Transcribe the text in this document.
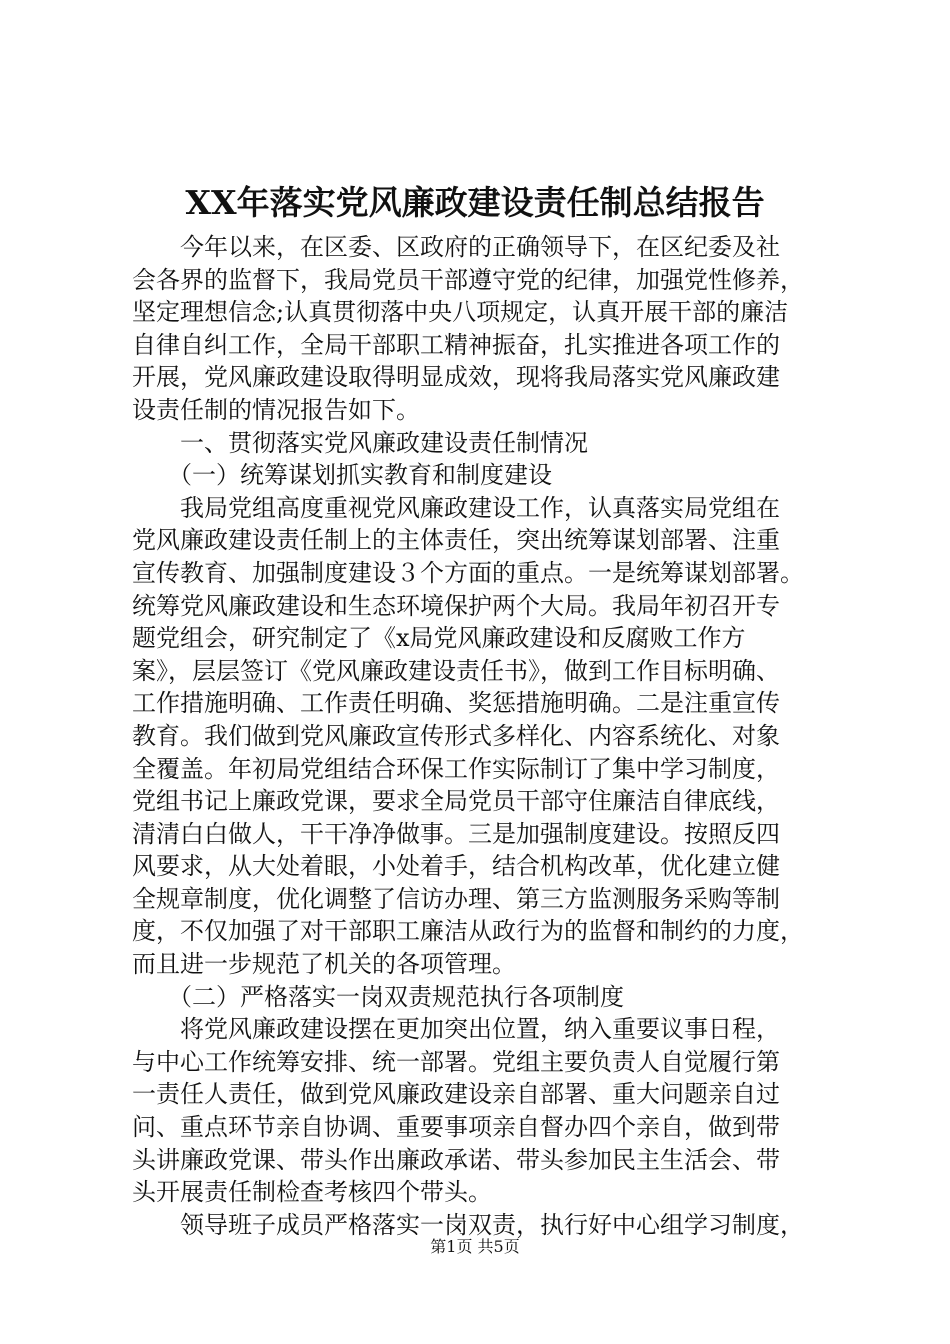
XX年落实党风廉政建设责任制总结报告
　　今年以来，在区委、区政府的正确领导下，在区纪委及社
会各界的监督下，我局党员干部遵守党的纪律，加强党性修养，
坚定理想信念;认真贯彻落中央八项规定，认真开展干部的廉洁
自律自纠工作，全局干部职工精神振奋，扎实推进各项工作的
开展，党风廉政建设取得明显成效，现将我局落实党风廉政建
设责任制的情况报告如下。
　　一、贯彻落实党风廉政建设责任制情况
　　（一）统筹谋划抓实教育和制度建设
　　我局党组高度重视党风廉政建设工作，认真落实局党组在
党风廉政建设责任制上的主体责任，突出统筹谋划部署、注重
宣传教育、加强制度建设３个方面的重点。一是统筹谋划部署。
统筹党风廉政建设和生态环境保护两个大局。我局年初召开专
题党组会，研究制定了《x局党风廉政建设和反腐败工作方
案》，层层签订《党风廉政建设责任书》，做到工作目标明确、
工作措施明确、工作责任明确、奖惩措施明确。二是注重宣传
教育。我们做到党风廉政宣传形式多样化、内容系统化、对象
全覆盖。年初局党组结合环保工作实际制订了集中学习制度，
党组书记上廉政党课，要求全局党员干部守住廉洁自律底线，
清清白白做人，干干净净做事。三是加强制度建设。按照反四
风要求，从大处着眼，小处着手，结合机构改革，优化建立健
全规章制度，优化调整了信访办理、第三方监测服务采购等制
度，不仅加强了对干部职工廉洁从政行为的监督和制约的力度，
而且进一步规范了机关的各项管理。
　　（二）严格落实一岗双责规范执行各项制度
　　将党风廉政建设摆在更加突出位置，纳入重要议事日程，
与中心工作统筹安排、统一部署。党组主要负责人自觉履行第
一责任人责任，做到党风廉政建设亲自部署、重大问题亲自过
问、重点环节亲自协调、重要事项亲自督办四个亲自，做到带
头讲廉政党课、带头作出廉政承诺、带头参加民主生活会、带
头开展责任制检查考核四个带头。
　　领导班子成员严格落实一岗双责，执行好中心组学习制度，
第1页 共5页
